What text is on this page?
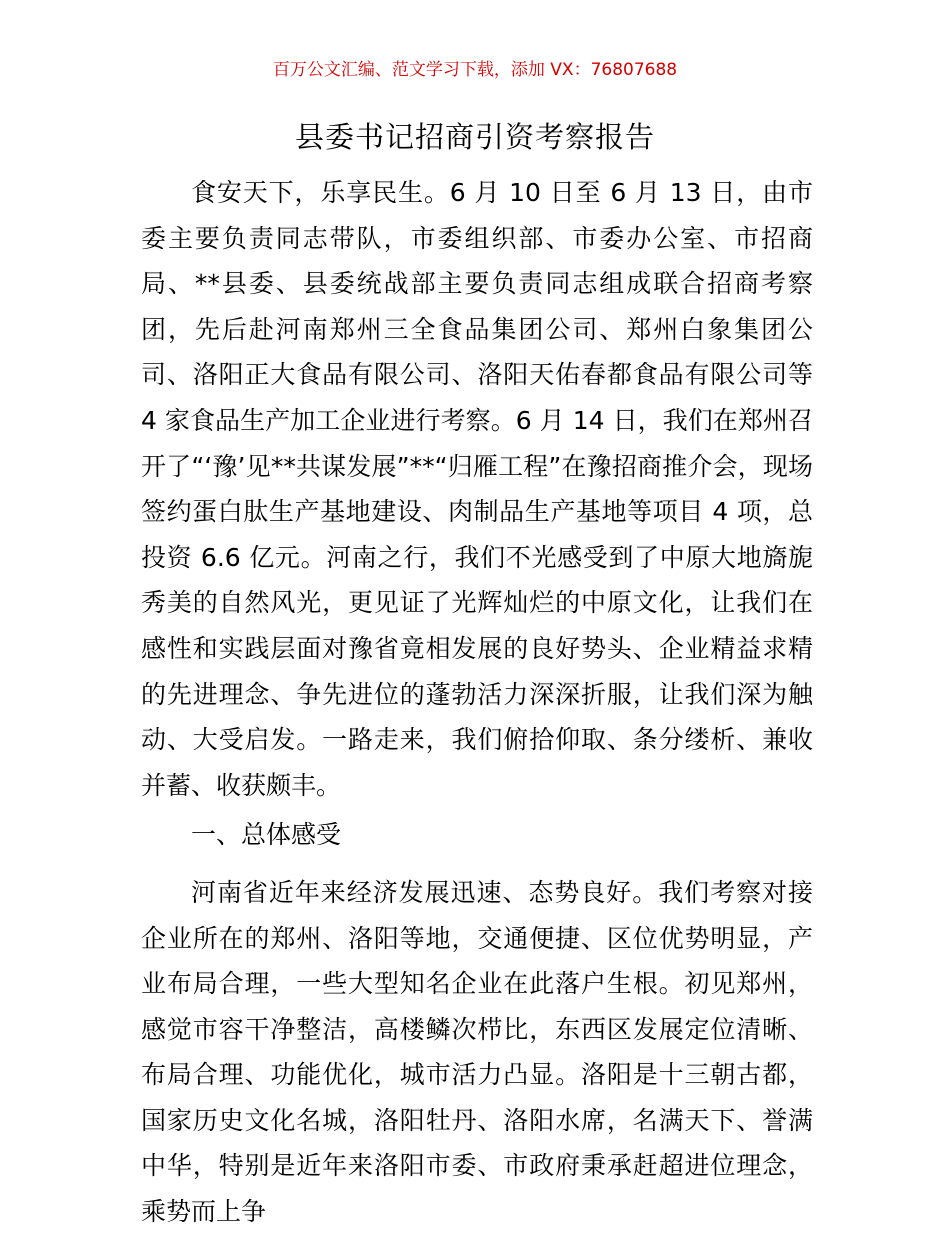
百万公文汇编、范文学习下载，添加 VX：76807688
县委书记招商引资考察报告

食安天下，乐享民生。6 月 10 日至 6 月 13 日，由市委主要负责同志带队，市委组织部、市委办公室、市招商局、**县委、县委统战部主要负责同志组成联合招商考察团，先后赴河南郑州三全食品集团公司、郑州白象集团公司、洛阳正大食品有限公司、洛阳天佑春都食品有限公司等 4 家食品生产加工企业进行考察。6 月 14 日，我们在郑州召开了“‘豫’见**共谋发展”**“归雁工程”在豫招商推介会，现场签约蛋白肽生产基地建设、肉制品生产基地等项目 4 项，总投资 6.6 亿元。河南之行，我们不光感受到了中原大地旖旎秀美的自然风光，更见证了光辉灿烂的中原文化，让我们在感性和实践层面对豫省竟相发展的良好势头、企业精益求精的先进理念、争先进位的蓬勃活力深深折服，让我们深为触动、大受启发。一路走来，我们俯拾仰取、条分缕析、兼收并蓄、收获颇丰。

一、总体感受

河南省近年来经济发展迅速、态势良好。我们考察对接企业所在的郑州、洛阳等地，交通便捷、区位优势明显，产业布局合理，一些大型知名企业在此落户生根。初见郑州，感觉市容干净整洁，高楼鳞次栉比，东西区发展定位清晰、布局合理、功能优化，城市活力凸显。洛阳是十三朝古都，国家历史文化名城，洛阳牡丹、洛阳水席，名满天下、誉满中华，特别是近年来洛阳市委、市政府秉承赶超进位理念，乘势而上争
